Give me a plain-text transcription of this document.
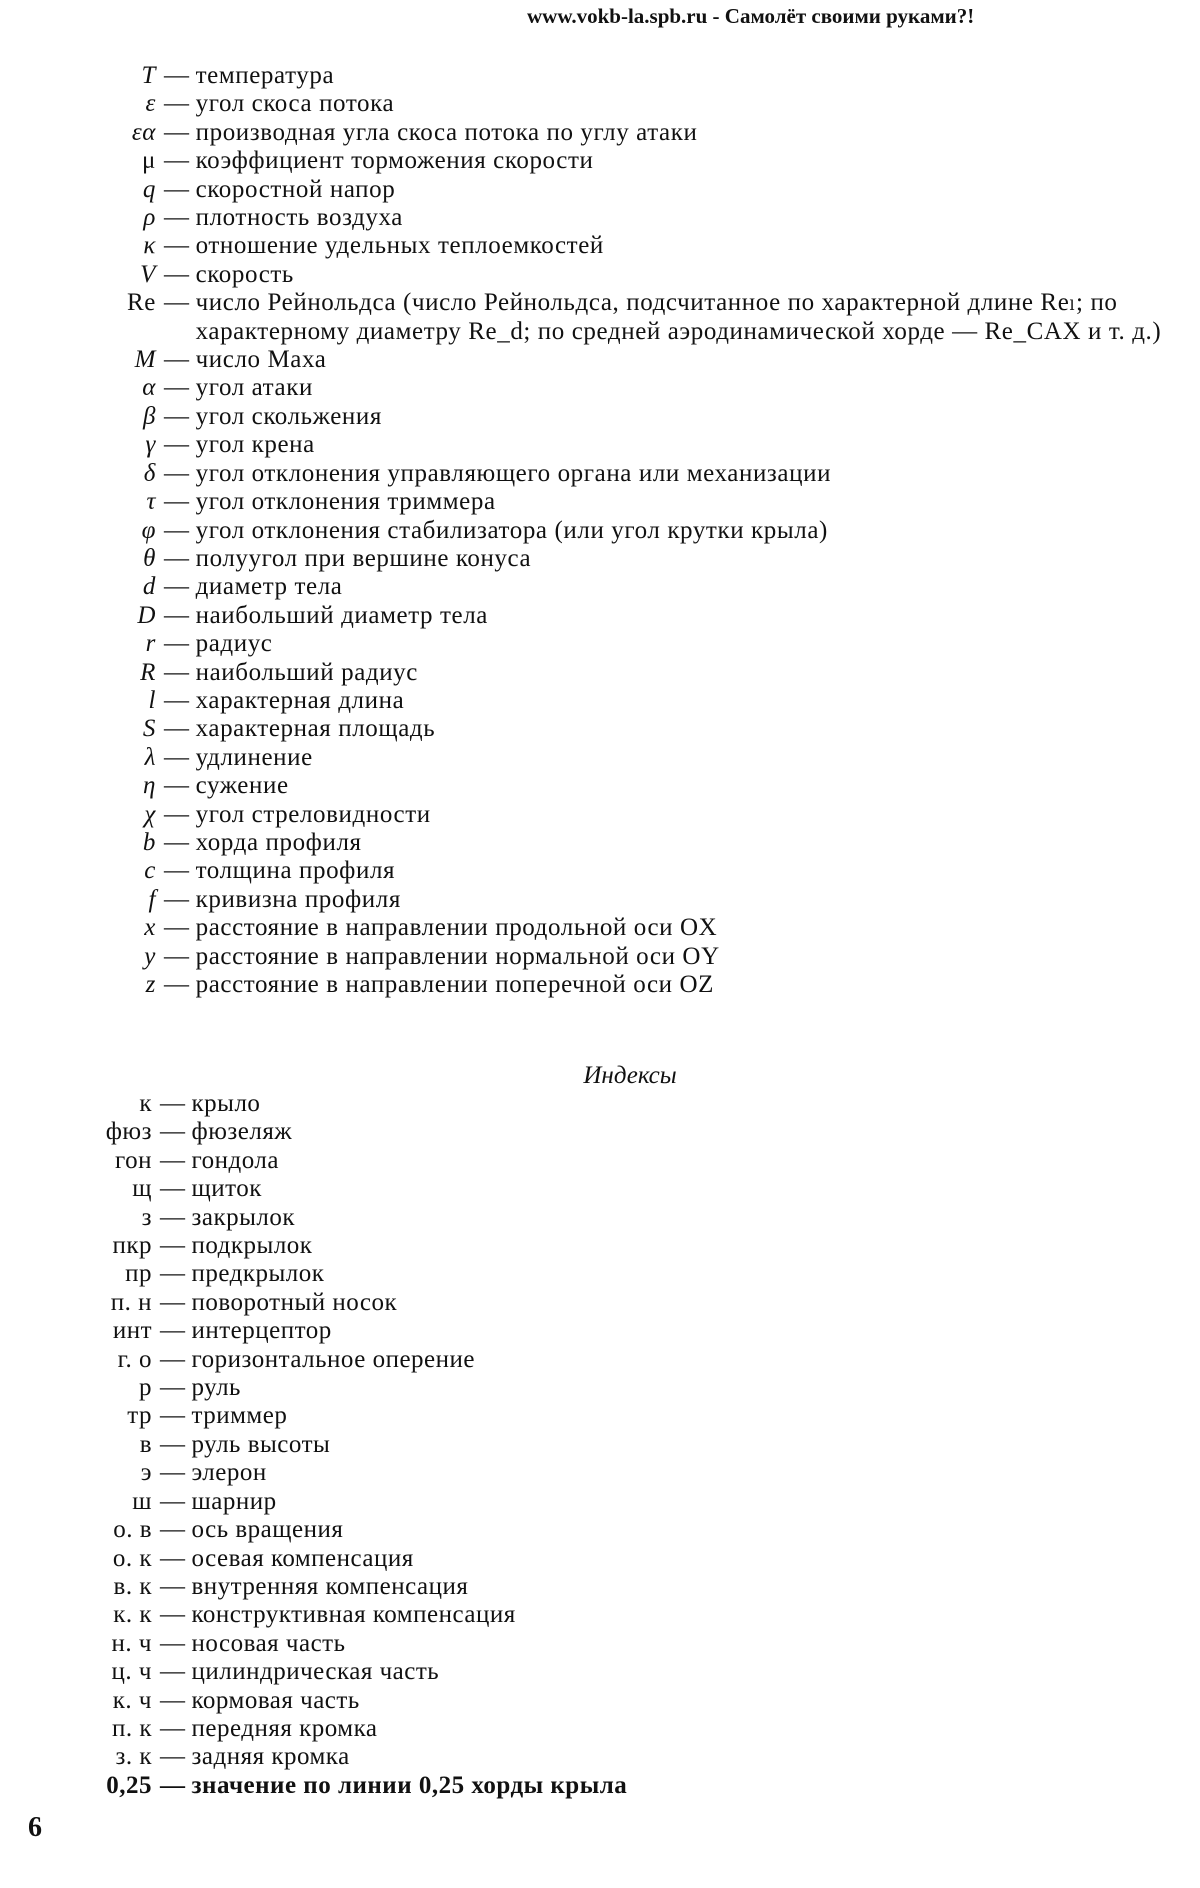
www.vokb-la.spb.ru - Самолёт своими руками?!
T — температура
ε — угол скоса потока
εα — производная угла скоса потока по углу атаки
μ — коэффициент торможения скорости
q — скоростной напор
ρ — плотность воздуха
κ — отношение удельных теплоемкостей
V — скорость
Re — число Рейнольдса (число Рейнольдса, подсчитанное по характерной длине Reₗ; по характерному диаметру Re_d; по средней аэродинамической хорде — Re_CAX и т. д.)
M — число Маха
α — угол атаки
β — угол скольжения
γ — угол крена
δ — угол отклонения управляющего органа или механизации
τ — угол отклонения триммера
φ — угол отклонения стабилизатора (или угол крутки крыла)
θ — полуугол при вершине конуса
d — диаметр тела
D — наибольший диаметр тела
r — радиус
R — наибольший радиус
l — характерная длина
S — характерная площадь
λ — удлинение
η — сужение
χ — угол стреловидности
b — хорда профиля
c — толщина профиля
f — кривизна профиля
x — расстояние в направлении продольной оси OX
y — расстояние в направлении нормальной оси OY
z — расстояние в направлении поперечной оси OZ
Индексы
к — крыло
фюз — фюзеляж
гон — гондола
щ — щиток
з — закрылок
пкр — подкрылок
пр — предкрылок
п. н — поворотный носок
инт — интерцептор
г. о — горизонтальное оперение
р — руль
тр — триммер
в — руль высоты
э — элерон
ш — шарнир
о. в — ось вращения
о. к — осевая компенсация
в. к — внутренняя компенсация
к. к — конструктивная компенсация
н. ч — носовая часть
ц. ч — цилиндрическая часть
к. ч — кормовая часть
п. к — передняя кромка
з. к — задняя кромка
0,25 — значение по линии 0,25 хорды крыла
6
